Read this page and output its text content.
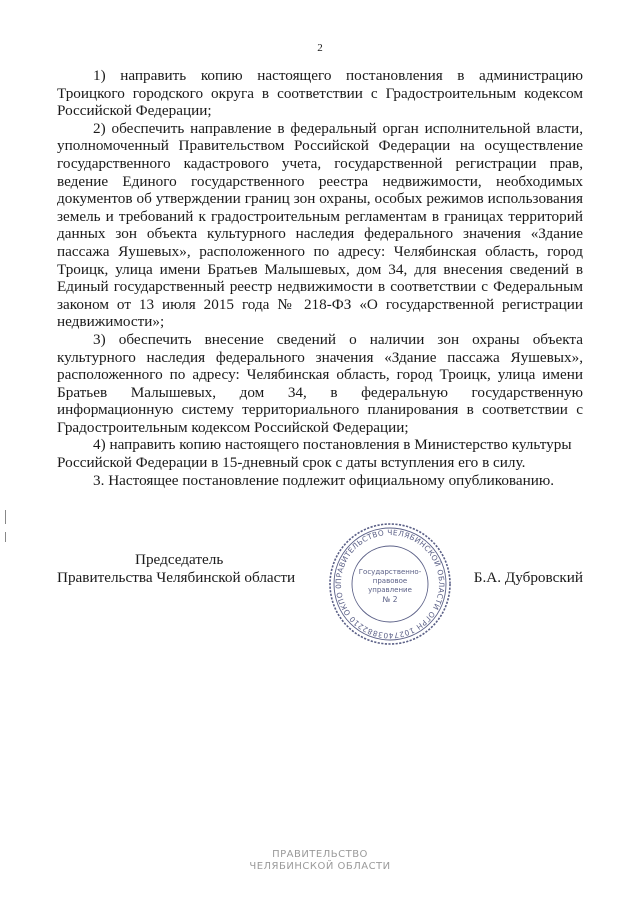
2

1) направить копию настоящего постановления в администрацию Троицкого городского округа в соответствии с Градостроительным кодексом Российской Федерации;

2) обеспечить направление в федеральный орган исполнительной власти, уполномоченный Правительством Российской Федерации на осуществление государственного кадастрового учета, государственной регистрации прав, ведение Единого государственного реестра недвижимости, необходимых документов об утверждении границ зон охраны, особых режимов использования земель и требований к градостроительным регламентам в границах территорий данных зон объекта культурного наследия федерального значения «Здание пассажа Яушевых», расположенного по адресу: Челябинская область, город Троицк, улица имени Братьев Малышевых, дом 34, для внесения сведений в Единый государственный реестр недвижимости в соответствии с Федеральным законом от 13 июля 2015 года № 218-ФЗ «О государственной регистрации недвижимости»;

3) обеспечить внесение сведений о наличии зон охраны объекта культурного наследия федерального значения «Здание пассажа Яушевых», расположенного по адресу: Челябинская область, город Троицк, улица имени Братьев Малышевых, дом 34, в федеральную государственную информационную систему территориального планирования в соответствии с Градостроительным кодексом Российской Федерации;

4) направить копию настоящего постановления в Министерство культуры Российской Федерации в 15-дневный срок с даты вступления его в силу.

3. Настоящее постановление подлежит официальному опубликованию.

Председатель
Правительства Челябинской области	Б.А. Дубровский
ПРАВИТЕЛЬСТВО ЧЕЛЯБИНСКОЙ ОБЛАСТИ ОГРН 1027403882210 ОКПО 0
Государственно-
правовое
управление
№ 2
ПРАВИТЕЛЬСТВО
ЧЕЛЯБИНСКОЙ ОБЛАСТИ
